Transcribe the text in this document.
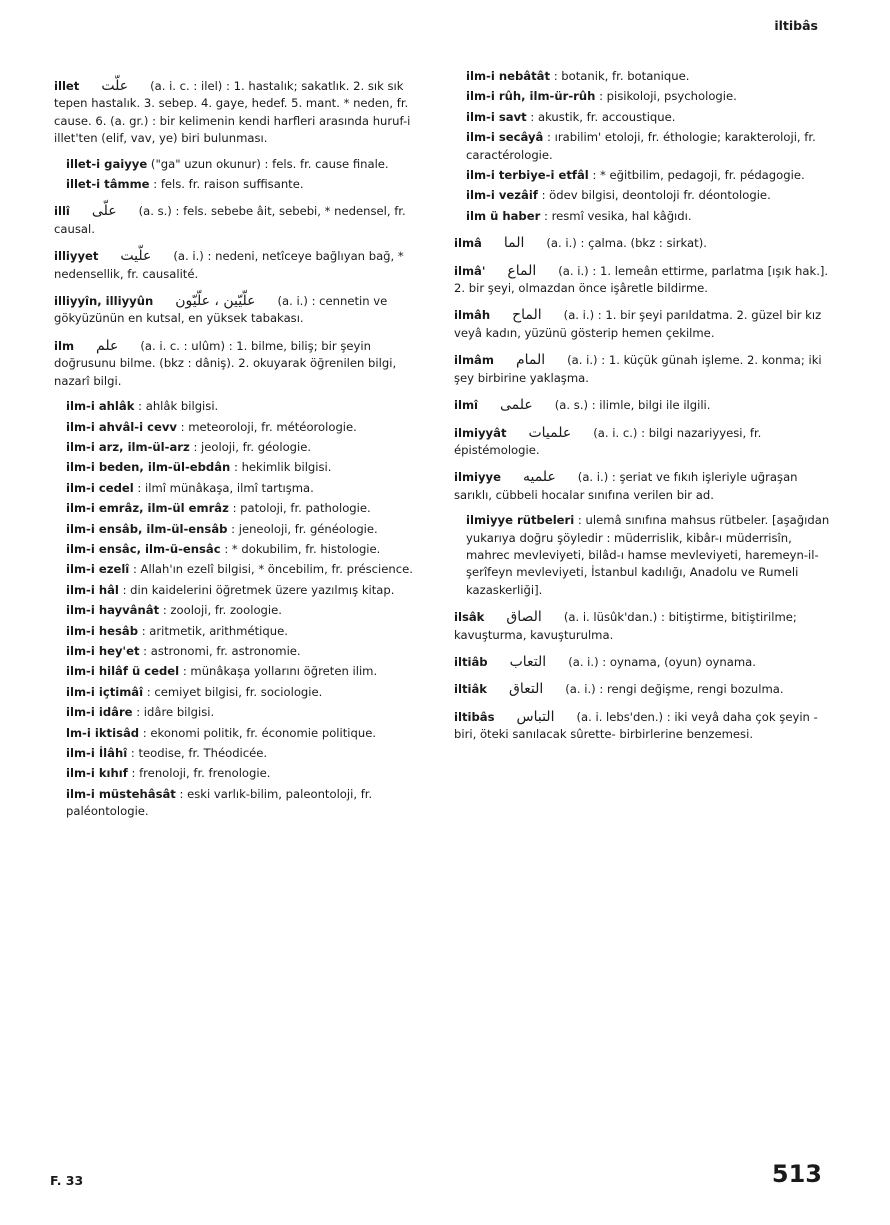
iltibâs
illet علّت (a. i. c. : ilel) : 1. hastalık; sakatlık. 2. sık sık tepen hastalık. 3. sebep. 4. gaye, hedef. 5. mant. * neden, fr. cause. 6. (a. gr.) : bir kelimenin kendi harfleri arasında huruf-i illet'ten (elif, vav, ye) biri bulunması.
illet-i gaiyye ("ga" uzun okunur) : fels. fr. cause finale.
illet-i tâmme : fels. fr. raison suffisante.
illî علّى (a. s.) : fels. sebebe âit, sebebi, * nedensel, fr. causal.
illiyyet علّيت (a. i.) : nedeni, netîceye bağlıyan bağ, * nedensellik, fr. causalité.
illiyyîn, illiyyûn علّيّين ، علّيّون (a. i.) : cennetin ve gökyüzünün en kutsal, en yüksek tabakası.
ilm علم (a. i. c. : ulûm) : 1. bilme, biliş; bir şeyin doğrusunu bilme. (bkz : dâniş). 2. okuyarak öğrenilen bilgi, nazarî bilgi.
ilm-i ahlâk : ahlâk bilgisi.
ilm-i ahvâl-i cevv : meteoroloji, fr. météorologie.
ilm-i arz, ilm-ül-arz : jeoloji, fr. géologie.
ilm-i beden, ilm-ül-ebdân : hekimlik bilgisi.
ilm-i cedel : ilmî münâkaşa, ilmî tartışma.
ilm-i emrâz, ilm-ül emrâz : patoloji, fr. pathologie.
ilm-i ensâb, ilm-ül-ensâb : jeneoloji, fr. généologie.
ilm-i ensâc, ilm-ü-ensâc : * dokubilim, fr. histologie.
ilm-i ezelî : Allah'ın ezelî bilgisi, * öncebilim, fr. préscience.
ilm-i hâl : din kaidelerini öğretmek üzere yazılmış kitap.
ilm-i hayvânât : zooloji, fr. zoologie.
ilm-i hesâb : aritmetik, arithmétique.
ilm-i hey'et : astronomi, fr. astronomie.
ilm-i hilâf ü cedel : münâkaşa yollarını öğreten ilim.
ilm-i içtimâî : cemiyet bilgisi, fr. sociologie.
ilm-i idâre : idâre bilgisi.
lm-i iktisâd : ekonomi politik, fr. économie politique.
ilm-i İlâhî : teodise, fr. Théodicée.
ilm-i kıhıf : frenoloji, fr. frenologie.
ilm-i müstehâsât : eski varlık-bilim, paleontoloji, fr. paléontologie.
ilm-i nebâtât : botanik, fr. botanique.
ilm-i rûh, ilm-ür-rûh : pisikoloji, psychologie.
ilm-i savt : akustik, fr. accoustique.
ilm-i secâyâ : ırabilim' etoloji, fr. éthologie; karakteroloji, fr. caractérologie.
ilm-i terbiye-i etfâl : * eğitbilim, pedagoji, fr. pédagogie.
ilm-i vezâif : ödev bilgisi, deontoloji fr. déontologie.
ilm ü haber : resmî vesika, hal kâğıdı.
ilmâ الما (a. i.) : çalma. (bkz : sirkat).
ilmâ' الماع (a. i.) : 1. lemeân ettirme, parlatma [ışık hak.]. 2. bir şeyi, olmazdan önce işâretle bildirme.
ilmâh الماح (a. i.) : 1. bir şeyi parıldatma. 2. güzel bir kız veyâ kadın, yüzünü gösterip hemen çekilme.
ilmâm المام (a. i.) : 1. küçük günah işleme. 2. konma; iki şey birbirine yaklaşma.
ilmî علمى (a. s.) : ilimle, bilgi ile ilgili.
ilmiyyât علميات (a. i. c.) : bilgi nazariyyesi, fr. épistémologie.
ilmiyye علميه (a. i.) : şeriat ve fıkıh işleriyle uğraşan sarıklı, cübbeli hocalar sınıfına verilen bir ad.
ilmiyye rütbeleri : ulemâ sınıfına mahsus rütbeler. [aşağıdan yukarıya doğru şöyledir : müderrislik, kibâr-ı müderrisîn, mahrec mevleviyeti, bilâd-ı hamse mevleviyeti, haremeyn-il-şerîfeyn mevleviyeti, İstanbul kadılığı, Anadolu ve Rumeli kazaskerliği].
ilsâk الصاق (a. i. lüsûk'dan.) : bitiştirme, bitiştirilme; kavuşturma, kavuşturulma.
iltiâb التعاب (a. i.) : oynama, (oyun) oynama.
iltiâk التعاق (a. i.) : rengi değişme, rengi bozulma.
iltibâs التباس (a. i. lebs'den.) : iki veyâ daha çok şeyin -biri, öteki sanılacak sûrette- birbirlerine benzemesi.
F. 33	513
